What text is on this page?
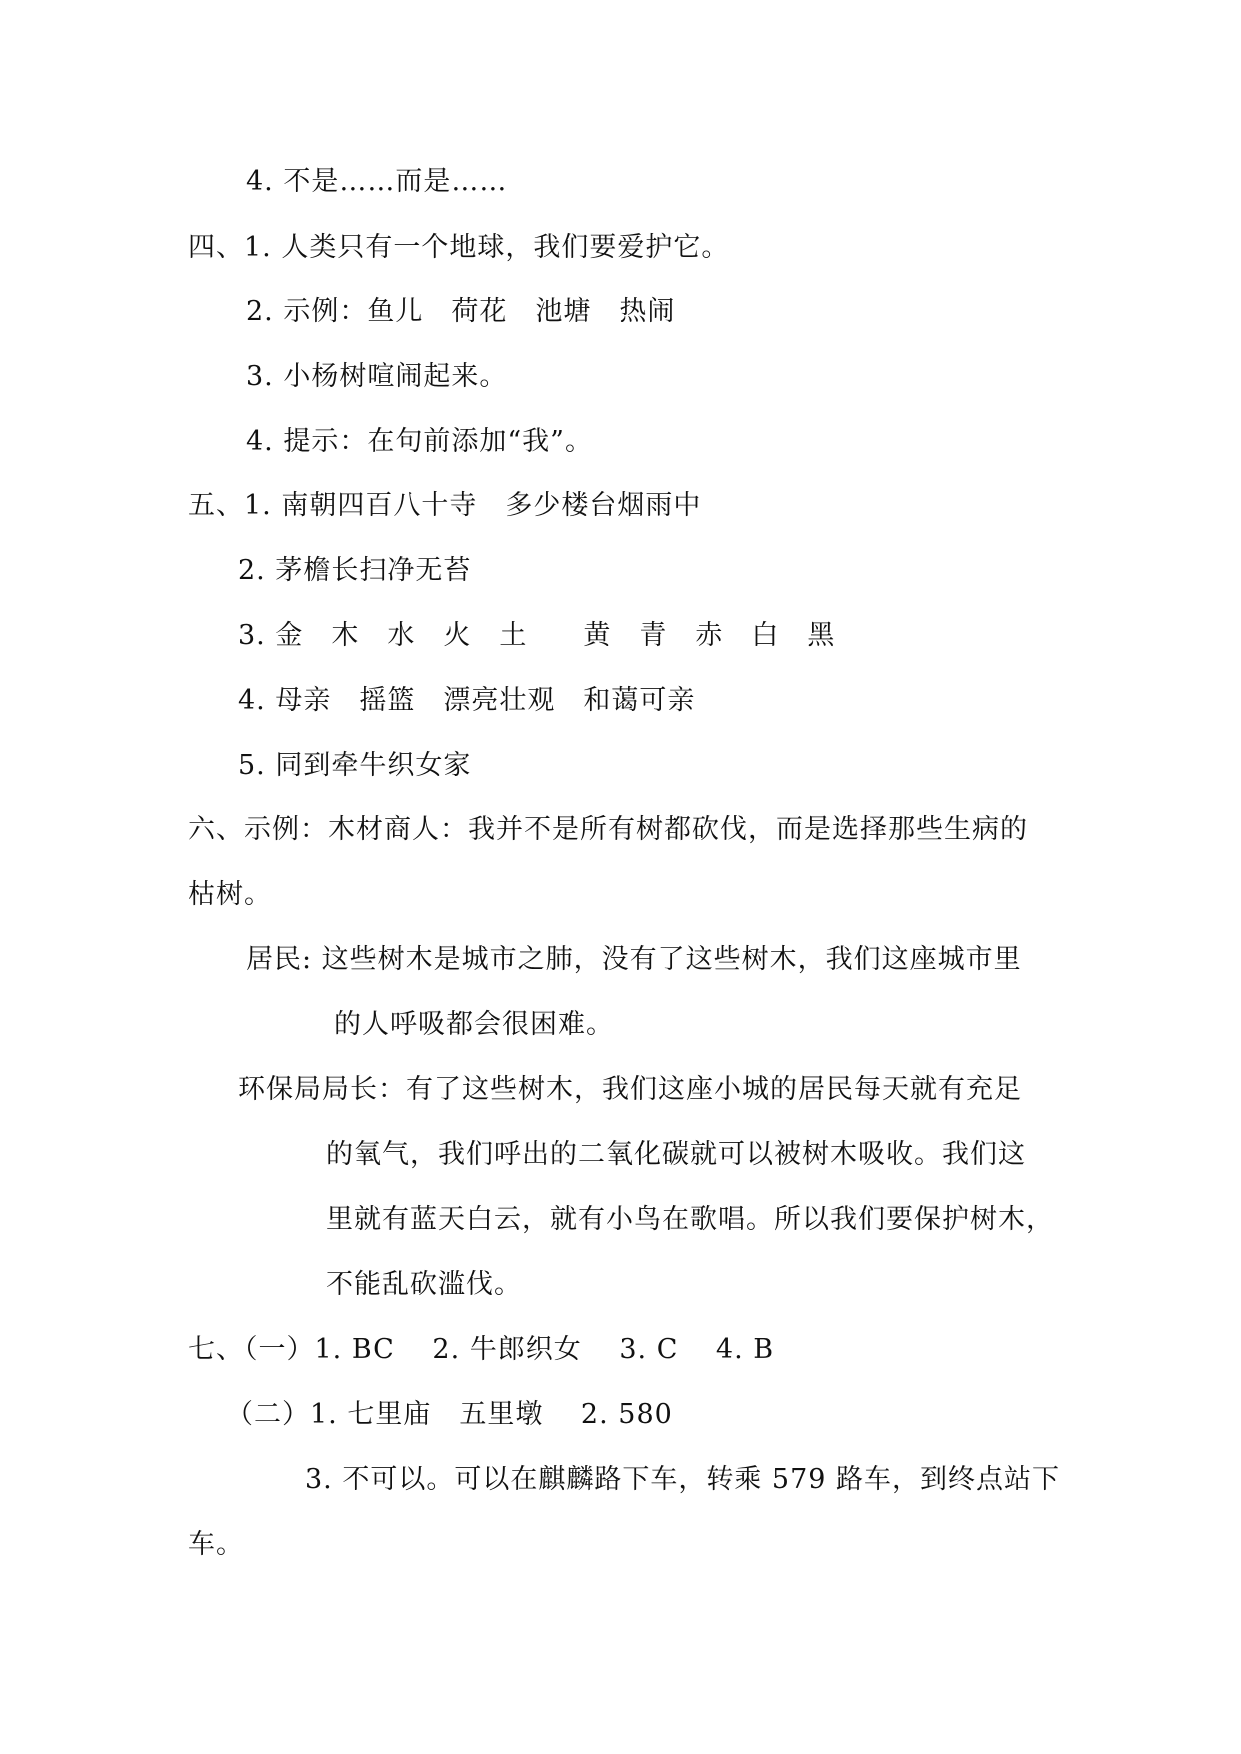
4. 不是……而是……
四、1. 人类只有一个地球，我们要爱护它。
2. 示例：鱼儿　荷花　池塘　热闹
3. 小杨树喧闹起来。
4. 提示：在句前添加“我”。
五、1. 南朝四百八十寺　多少楼台烟雨中
2. 茅檐长扫净无苔
3. 金　木　水　火　土　　黄　青　赤　白　黑
4. 母亲　摇篮　漂亮壮观　和蔼可亲
5. 同到牵牛织女家
六、示例：木材商人：我并不是所有树都砍伐，而是选择那些生病的
枯树。
居民: 这些树木是城市之肺，没有了这些树木，我们这座城市里
的人呼吸都会很困难。
环保局局长：有了这些树木，我们这座小城的居民每天就有充足
的氧气，我们呼出的二氧化碳就可以被树木吸收。我们这
里就有蓝天白云，就有小鸟在歌唱。所以我们要保护树木，
不能乱砍滥伐。
七、（一）1. BC　 2. 牛郎织女　 3. C　 4. B
（二）1. 七里庙　五里墩　 2. 580
3. 不可以。可以在麒麟路下车，转乘 579 路车，到终点站下
车。
